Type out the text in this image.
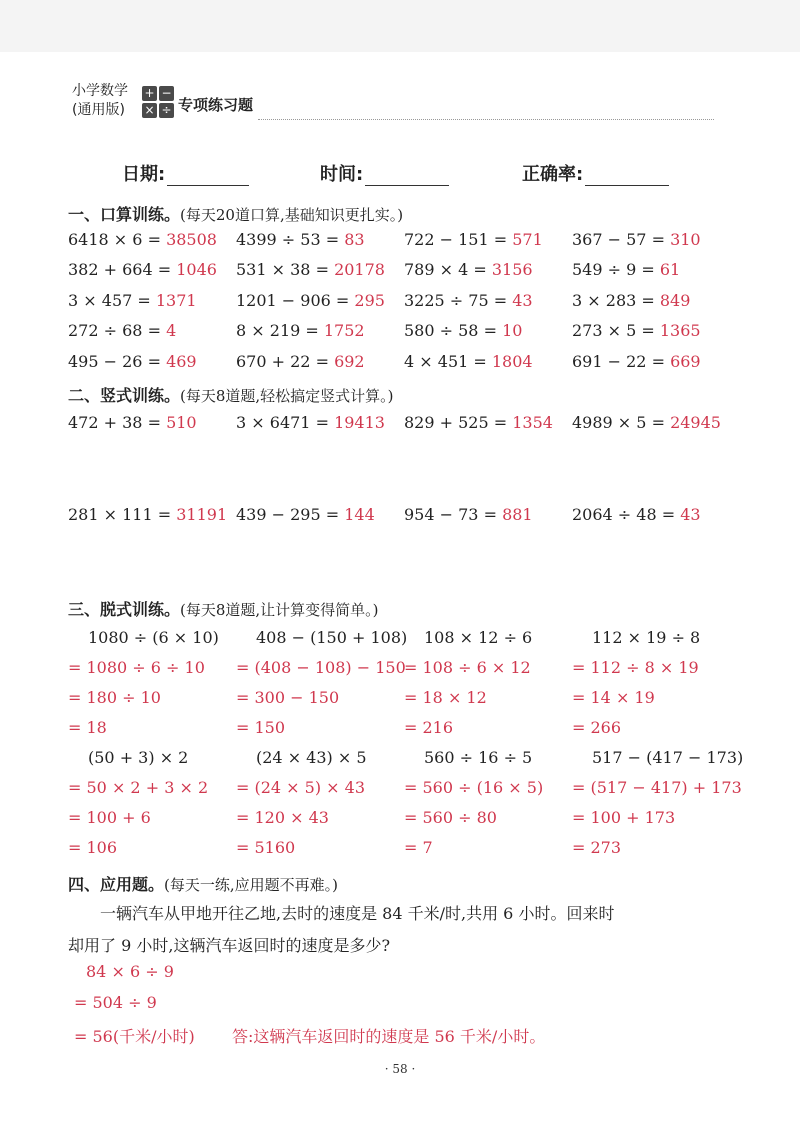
小学数学
(通用版)
+ −
× ÷ 专项练习题
日期:	时间:	正确率:
一、口算训练。(每天20道口算,基础知识更扎实。)
6418 × 6 = 38508 4399 ÷ 53 = 83 722 − 151 = 571 367 − 57 = 310
382 + 664 = 1046 531 × 38 = 20178 789 × 4 = 3156 549 ÷ 9 = 61
3 × 457 = 1371 1201 − 906 = 295 3225 ÷ 75 = 43 3 × 283 = 849
272 ÷ 68 = 4	8 × 219 = 1752 580 ÷ 58 = 10	273 × 5 = 1365
495 − 26 = 469 670 + 22 = 692 4 × 451 = 1804 691 − 22 = 669
二、竖式训练。(每天8道题,轻松搞定竖式计算。)
472 + 38 = 510 3 × 6471 = 19413 829 + 525 = 1354 4989 × 5 = 24945
281 × 111 = 31191 439 − 295 = 144 954 − 73 = 881 2064 ÷ 48 = 43
三、脱式训练。(每天8道题,让计算变得简单。)
1080 ÷ (6 × 10)
= 1080 ÷ 6 ÷ 10
= 180 ÷ 10
= 18
408 − (150 + 108)
= (408 − 108) − 150
= 300 − 150
= 150
108 × 12 ÷ 6
= 108 ÷ 6 × 12
= 18 × 12
= 216
112 × 19 ÷ 8
= 112 ÷ 8 × 19
= 14 × 19
= 266
(50 + 3) × 2
= 50 × 2 + 3 × 2
= 100 + 6
= 106
(24 × 43) × 5
= (24 × 5) × 43
= 120 × 43
= 5160
560 ÷ 16 ÷ 5
= 560 ÷ (16 × 5)
= 560 ÷ 80
= 7
517 − (417 − 173)
= (517 − 417) + 173
= 100 + 173
= 273
四、应用题。(每天一练,应用题不再难。)
一辆汽车从甲地开往乙地,去时的速度是 84 千米/时,共用 6 小时。回来时
却用了 9 小时,这辆汽车返回时的速度是多少?
84 × 6 ÷ 9
= 504 ÷ 9
= 56(千米/小时) 答:这辆汽车返回时的速度是 56 千米/小时。
· 58 ·
